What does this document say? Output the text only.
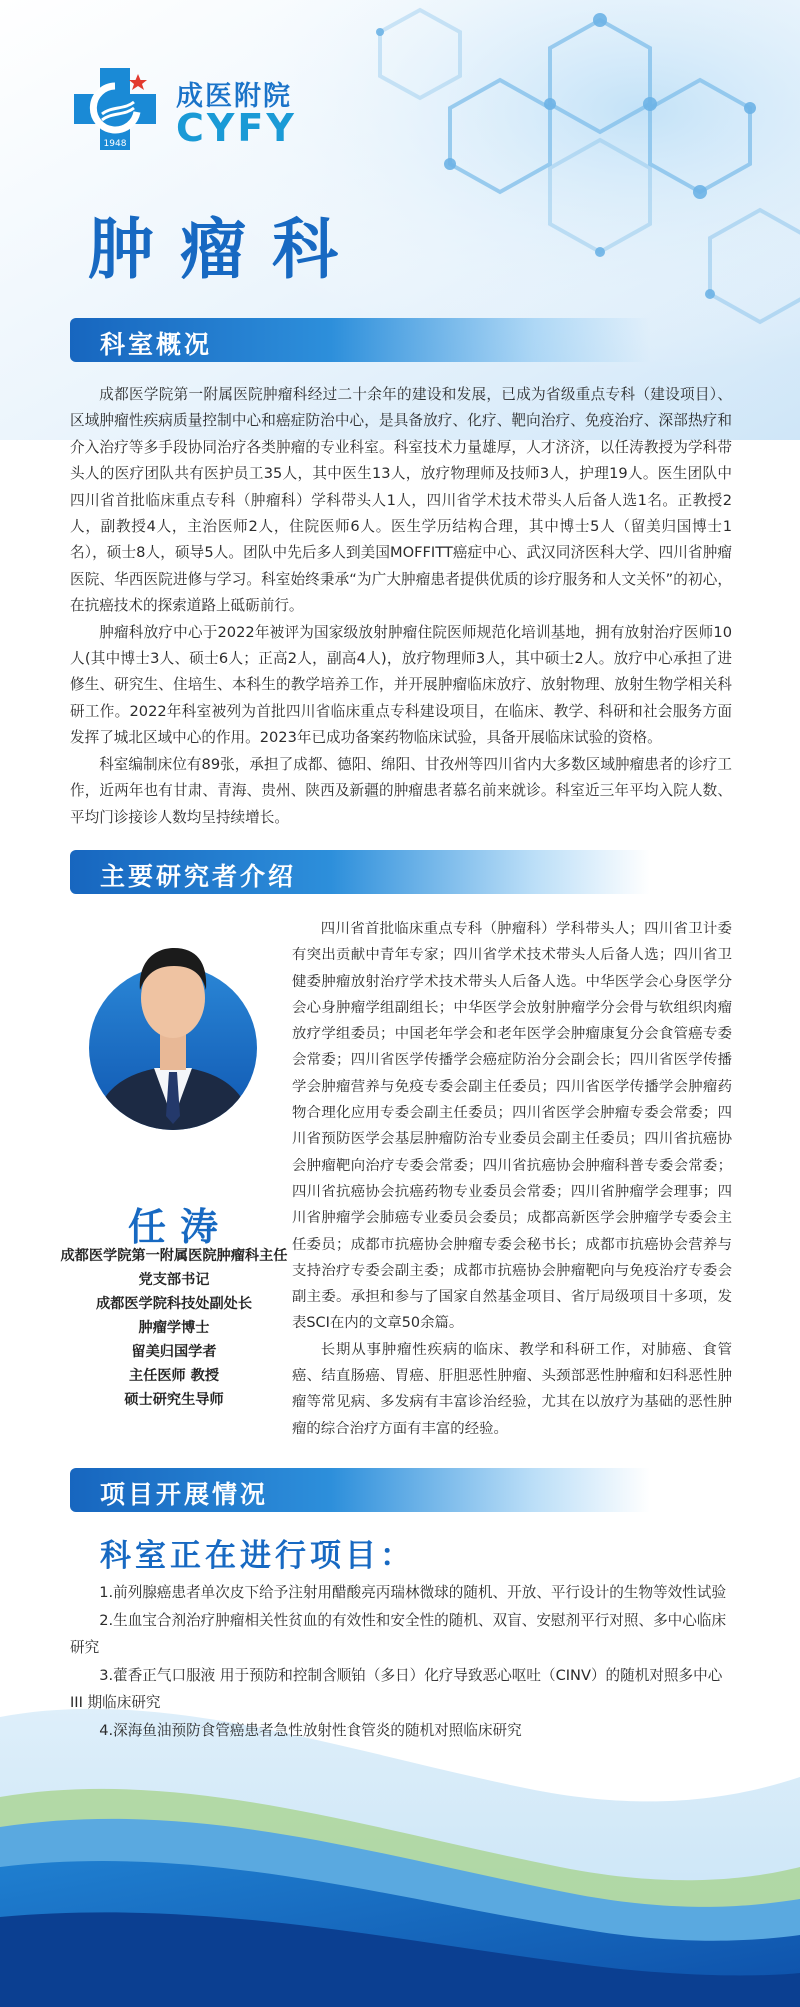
1948
成医附院
CYFY
肿瘤科
科室概况

成都医学院第一附属医院肿瘤科经过二十余年的建设和发展，已成为省级重点专科（建设项目）、区域肿瘤性疾病质量控制中心和癌症防治中心，是具备放疗、化疗、靶向治疗、免疫治疗、深部热疗和介入治疗等多手段协同治疗各类肿瘤的专业科室。科室技术力量雄厚，人才济济，以任涛教授为学科带头人的医疗团队共有医护员工35人，其中医生13人，放疗物理师及技师3人，护理19人。医生团队中四川省首批临床重点专科（肿瘤科）学科带头人1人，四川省学术技术带头人后备人选1名。正教授2人，副教授4人，主治医师2人，住院医师6人。医生学历结构合理，其中博士5人（留美归国博士1名），硕士8人，硕导5人。团队中先后多人到美国MOFFITT癌症中心、武汉同济医科大学、四川省肿瘤医院、华西医院进修与学习。科室始终秉承“为广大肿瘤患者提供优质的诊疗服务和人文关怀”的初心，在抗癌技术的探索道路上砥砺前行。

肿瘤科放疗中心于2022年被评为国家级放射肿瘤住院医师规范化培训基地，拥有放射治疗医师10人(其中博士3人、硕士6人；正高2人，副高4人)，放疗物理师3人，其中硕士2人。放疗中心承担了进修生、研究生、住培生、本科生的教学培养工作，并开展肿瘤临床放疗、放射物理、放射生物学相关科研工作。2022年科室被列为首批四川省临床重点专科建设项目，在临床、教学、科研和社会服务方面发挥了城北区域中心的作用。2023年已成功备案药物临床试验，具备开展临床试验的资格。

科室编制床位有89张，承担了成都、德阳、绵阳、甘孜州等四川省内大多数区域肿瘤患者的诊疗工作，近两年也有甘肃、青海、贵州、陕西及新疆的肿瘤患者慕名前来就诊。科室近三年平均入院人数、平均门诊接诊人数均呈持续增长。

主要研究者介绍
任涛
成都医学院第一附属医院肿瘤科主任
党支部书记
成都医学院科技处副处长
肿瘤学博士
留美归国学者
主任医师 教授
硕士研究生导师

四川省首批临床重点专科（肿瘤科）学科带头人；四川省卫计委有突出贡献中青年专家；四川省学术技术带头人后备人选；四川省卫健委肿瘤放射治疗学术技术带头人后备人选。中华医学会心身医学分会心身肿瘤学组副组长；中华医学会放射肿瘤学分会骨与软组织肉瘤放疗学组委员；中国老年学会和老年医学会肿瘤康复分会食管癌专委会常委；四川省医学传播学会癌症防治分会副会长；四川省医学传播学会肿瘤营养与免疫专委会副主任委员；四川省医学传播学会肿瘤药物合理化应用专委会副主任委员；四川省医学会肿瘤专委会常委；四川省预防医学会基层肿瘤防治专业委员会副主任委员；四川省抗癌协会肿瘤靶向治疗专委会常委；四川省抗癌协会肿瘤科普专委会常委；四川省抗癌协会抗癌药物专业委员会常委；四川省肿瘤学会理事；四川省肿瘤学会肺癌专业委员会委员；成都高新医学会肿瘤学专委会主任委员；成都市抗癌协会肿瘤专委会秘书长；成都市抗癌协会营养与支持治疗专委会副主委；成都市抗癌协会肿瘤靶向与免疫治疗专委会副主委。承担和参与了国家自然基金项目、省厅局级项目十多项，发表SCI在内的文章50余篇。

长期从事肿瘤性疾病的临床、教学和科研工作，对肺癌、食管癌、结直肠癌、胃癌、肝胆恶性肿瘤、头颈部恶性肿瘤和妇科恶性肿瘤等常见病、多发病有丰富诊治经验，尤其在以放疗为基础的恶性肿瘤的综合治疗方面有丰富的经验。

项目开展情况
科室正在进行项目：

1.前列腺癌患者单次皮下给予注射用醋酸亮丙瑞林微球的随机、开放、平行设计的生物等效性试验

2.生血宝合剂治疗肿瘤相关性贫血的有效性和安全性的随机、双盲、安慰剂平行对照、多中心临床研究

3.藿香正气口服液 用于预防和控制含顺铂（多日）化疗导致恶心呕吐（CINV）的随机对照多中心III 期临床研究

4.深海鱼油预防食管癌患者急性放射性食管炎的随机对照临床研究
